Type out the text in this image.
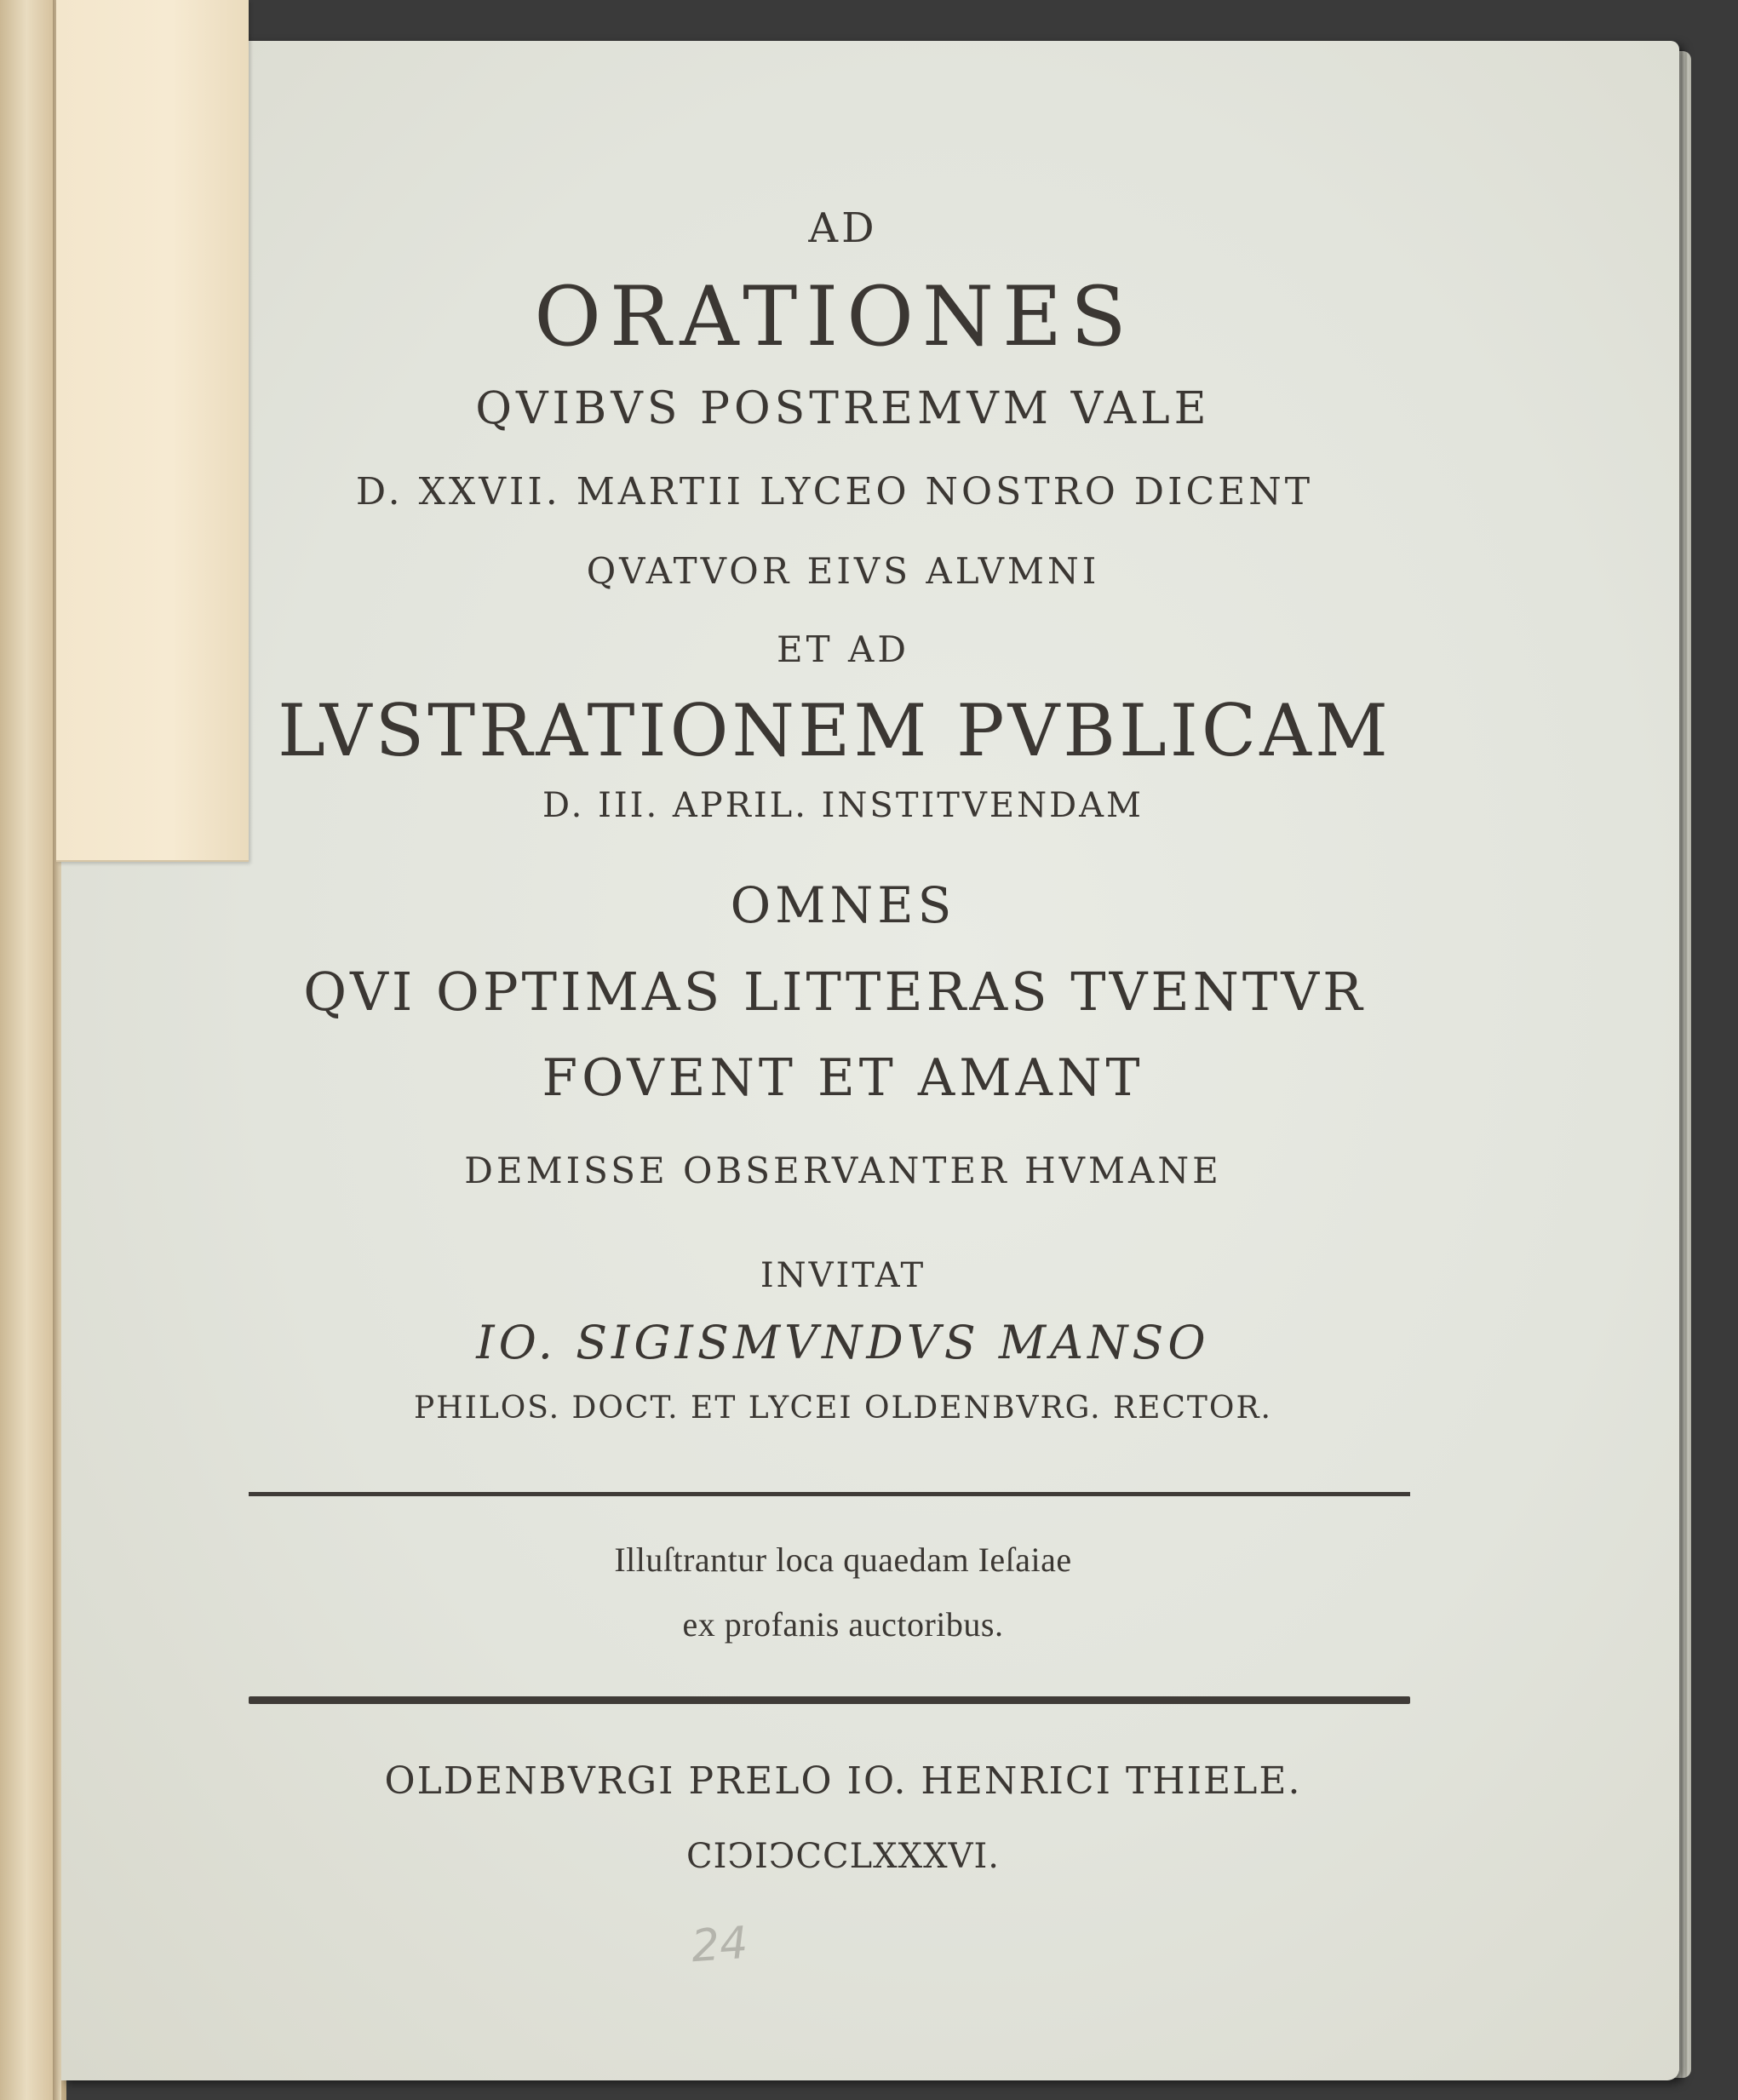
AD
ORATIONES
QVIBVS POSTREMVM VALE
D. XXVII. MARTII LYCEO NOSTRO DICENT
QVATVOR EIVS ALVMNI
ET AD
LVSTRATIONEM PVBLICAM
D. III. APRIL. INSTITVENDAM
OMNES
QVI OPTIMAS LITTERAS TVENTVR
FOVENT ET AMANT
DEMISSE OBSERVANTER HVMANE
INVITAT
IO. SIGISMVNDVS MANSO
PHILOS. DOCT. ET LYCEI OLDENBVRG. RECTOR.
Illuſtrantur loca quaedam Ieſaiae
ex profanis auctoribus.
OLDENBVRGI PRELO IO. HENRICI THIELE.
CIↃIↃCCLXXXVI.
24
